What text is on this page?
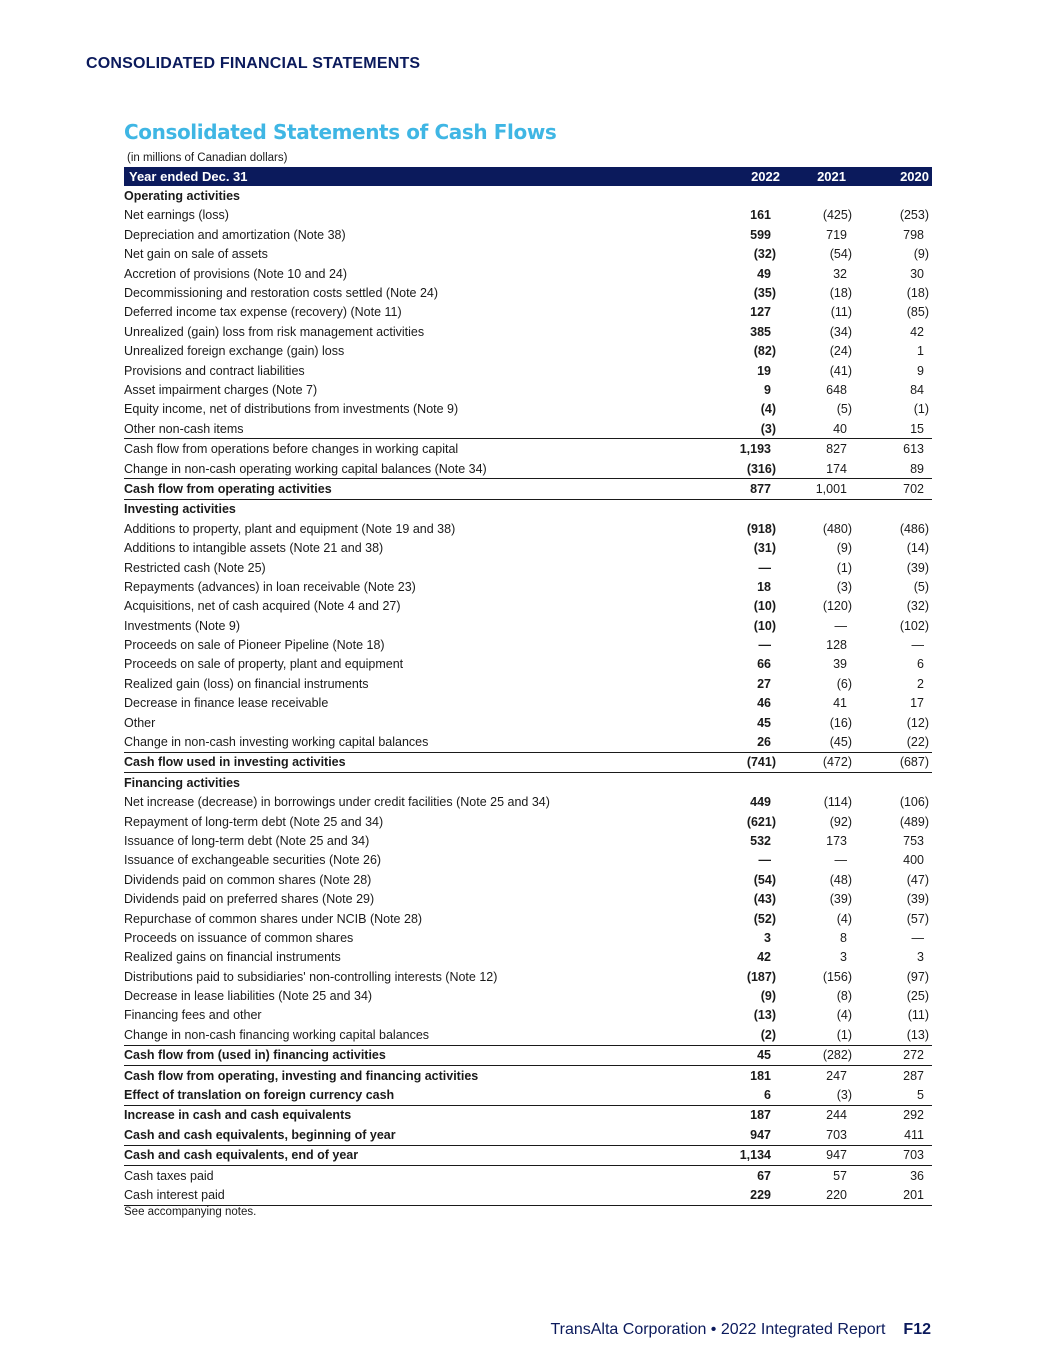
CONSOLIDATED FINANCIAL STATEMENTS
Consolidated Statements of Cash Flows
(in millions of Canadian dollars)
Year ended Dec. 31	2022	2021	2020
Operating activities			
Net earnings (loss)	161	(425)	(253)
Depreciation and amortization (Note 38)	599	719	798
Net gain on sale of assets	(32)	(54)	(9)
Accretion of provisions (Note 10 and 24)	49	32	30
Decommissioning and restoration costs settled (Note 24)	(35)	(18)	(18)
Deferred income tax expense (recovery) (Note 11)	127	(11)	(85)
Unrealized (gain) loss from risk management activities	385	(34)	42
Unrealized foreign exchange (gain) loss	(82)	(24)	1
Provisions and contract liabilities	19	(41)	9
Asset impairment charges (Note 7)	9	648	84
Equity income, net of distributions from investments (Note 9)	(4)	(5)	(1)
Other non-cash items	(3)	40	15
Cash flow from operations before changes in working capital	1,193	827	613
Change in non-cash operating working capital balances (Note 34)	(316)	174	89
Cash flow from operating activities	877	1,001	702
Investing activities			
Additions to property, plant and equipment (Note 19 and 38)	(918)	(480)	(486)
Additions to intangible assets (Note 21 and 38)	(31)	(9)	(14)
Restricted cash (Note 25)	—	(1)	(39)
Repayments (advances) in loan receivable (Note 23)	18	(3)	(5)
Acquisitions, net of cash acquired (Note 4 and 27)	(10)	(120)	(32)
Investments (Note 9)	(10)	—	(102)
Proceeds on sale of Pioneer Pipeline (Note 18)	—	128	—
Proceeds on sale of property, plant and equipment	66	39	6
Realized gain (loss) on financial instruments	27	(6)	2
Decrease in finance lease receivable	46	41	17
Other	45	(16)	(12)
Change in non-cash investing working capital balances	26	(45)	(22)
Cash flow used in investing activities	(741)	(472)	(687)
Financing activities			
Net increase (decrease) in borrowings under credit facilities (Note 25 and 34)	449	(114)	(106)
Repayment of long-term debt (Note 25 and 34)	(621)	(92)	(489)
Issuance of long-term debt (Note 25 and 34)	532	173	753
Issuance of exchangeable securities (Note 26)	—	—	400
Dividends paid on common shares (Note 28)	(54)	(48)	(47)
Dividends paid on preferred shares (Note 29)	(43)	(39)	(39)
Repurchase of common shares under NCIB (Note 28)	(52)	(4)	(57)
Proceeds on issuance of common shares	3	8	—
Realized gains on financial instruments	42	3	3
Distributions paid to subsidiaries' non-controlling interests (Note 12)	(187)	(156)	(97)
Decrease in lease liabilities (Note 25 and 34)	(9)	(8)	(25)
Financing fees and other	(13)	(4)	(11)
Change in non-cash financing working capital balances	(2)	(1)	(13)
Cash flow from (used in) financing activities	45	(282)	272
Cash flow from operating, investing and financing activities	181	247	287
Effect of translation on foreign currency cash	6	(3)	5
Increase in cash and cash equivalents	187	244	292
Cash and cash equivalents, beginning of year	947	703	411
Cash and cash equivalents, end of year	1,134	947	703
Cash taxes paid	67	57	36
Cash interest paid	229	220	201
See accompanying notes.
TransAlta Corporation • 2022 Integrated Report F12
